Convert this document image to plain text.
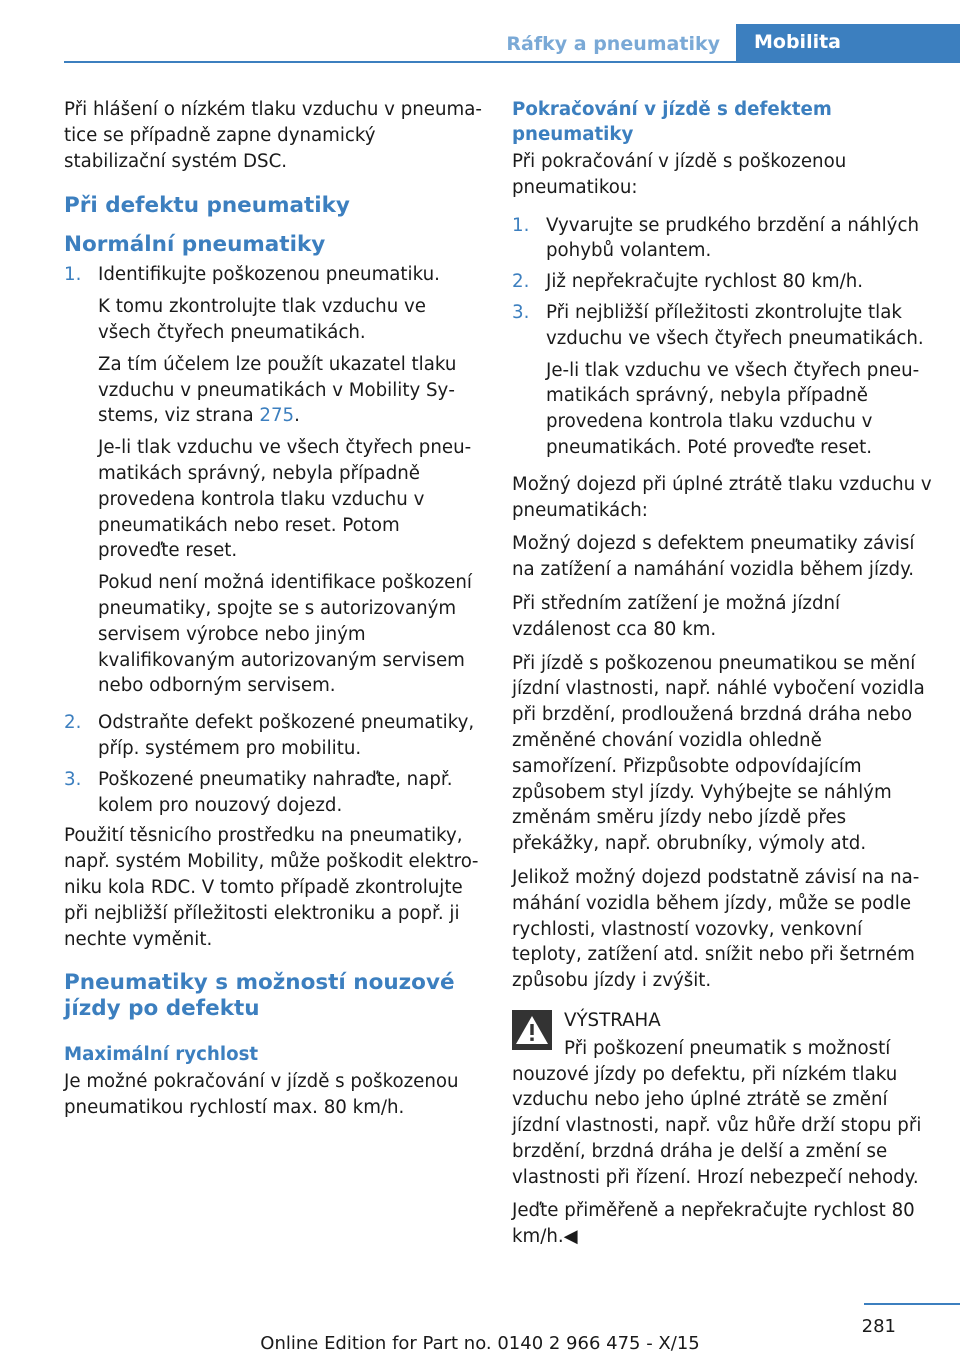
Ráfky a pneumatiky	Mobilita

Při hlášení o nízkém tlaku vzduchu v pneumatice se případně zapne dynamický stabilizační systém DSC.

Při defektu pneumatiky
Normální pneumatiky
1. Identifikujte poškozenou pneumatiku.

K tomu zkontrolujte tlak vzduchu ve všech čtyřech pneumatikách.

Za tím účelem lze použít ukazatel tlaku vzduchu v pneumatikách v Mobility Systems, viz strana 275.

Je-li tlak vzduchu ve všech čtyřech pneumatikách správný, nebyla případně provedena kontrola tlaku vzduchu v pneumatikách nebo reset. Potom proveďte reset.

Pokud není možná identifikace poškození pneumatiky, spojte se s autorizovaným servisem výrobce nebo jiným kvalifikovaným autorizovaným servisem nebo odborným servisem.

2. Odstraňte defekt poškozené pneumatiky, příp. systémem pro mobilitu.
3. Poškozené pneumatiky nahraďte, např. kolem pro nouzový dojezd.

Použití těsnicího prostředku na pneumatiky, např. systém Mobility, může poškodit elektroniku kola RDC. V tomto případě zkontrolujte při nejbližší příležitosti elektroniku a popř. ji nechte vyměnit.

Pneumatiky s možností nouzové jízdy po defektu
Maximální rychlost

Je možné pokračování v jízdě s poškozenou pneumatikou rychlostí max. 80 km/h.

Pokračování v jízdě s defektem pneumatiky

Při pokračování v jízdě s poškozenou pneumatikou:

1. Vyvarujte se prudkého brzdění a náhlých pohybů volantem.
2. Již nepřekračujte rychlost 80 km/h.
3. Při nejbližší příležitosti zkontrolujte tlak vzduchu ve všech čtyřech pneumatikách.

Je-li tlak vzduchu ve všech čtyřech pneumatikách správný, nebyla případně provedena kontrola tlaku vzduchu v pneumatikách. Poté proveďte reset.

Možný dojezd při úplné ztrátě tlaku vzduchu v pneumatikách:

Možný dojezd s defektem pneumatiky závisí na zatížení a namáhání vozidla během jízdy.

Při středním zatížení je možná jízdní vzdálenost cca 80 km.

Při jízdě s poškozenou pneumatikou se mění jízdní vlastnosti, např. náhlé vybočení vozidla při brzdění, prodloužená brzdná dráha nebo změněné chování vozidla ohledně samořízení. Přizpůsobte odpovídajícím způsobem styl jízdy. Vyhýbejte se náhlým změnám směru jízdy nebo jízdě přes překážky, např. obrubníky, výmoly atd.

Jelikož možný dojezd podstatně závisí na namáhání vozidla během jízdy, může se podle rychlosti, vlastností vozovky, venkovní teploty, zatížení atd. snížit nebo při šetrném způsobu jízdy i zvýšit.

VÝSTRAHA

Při poškození pneumatik s možností nouzové jízdy po defektu, při nízkém tlaku vzduchu nebo jeho úplné ztrátě se změní jízdní vlastnosti, např. vůz hůře drží stopu při brzdění, brzdná dráha je delší a změní se vlastnosti při řízení. Hrozí nebezpečí nehody.

Jeďte přiměřeně a nepřekračujte rychlost 80 km/h.◀

281
Online Edition for Part no. 0140 2 966 475 - X/15
